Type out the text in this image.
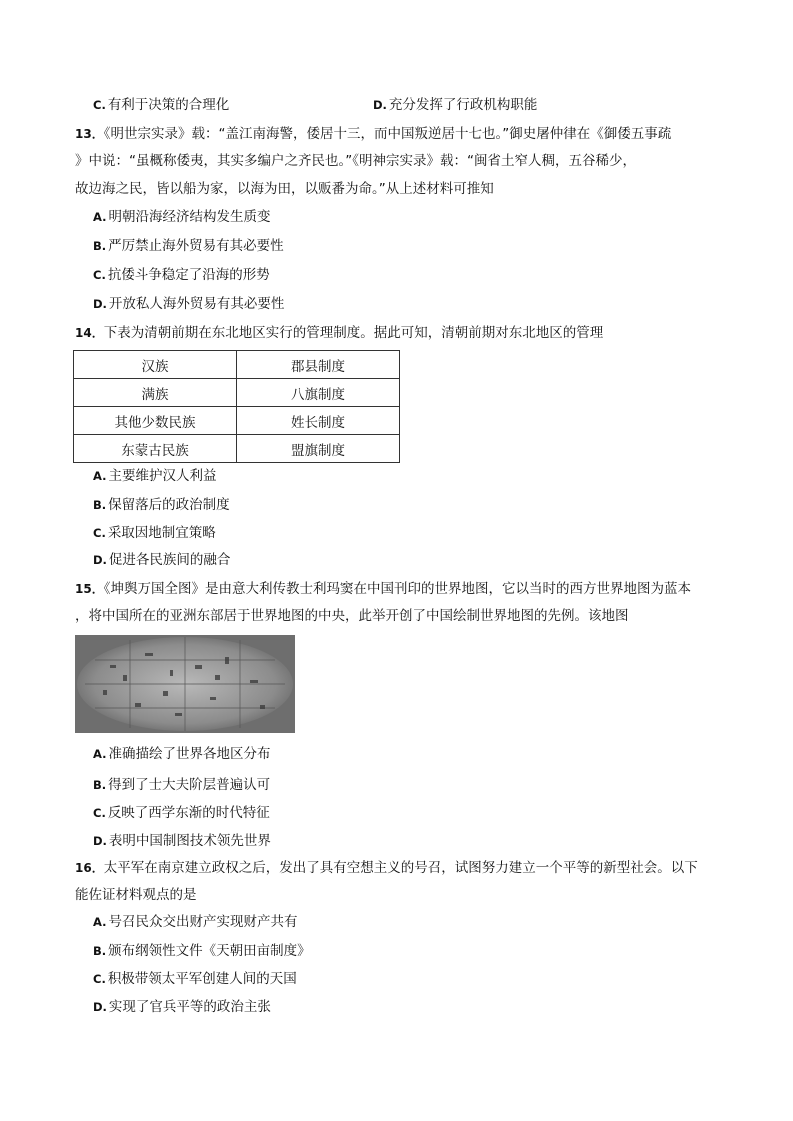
C. 有利于决策的合理化	D. 充分发挥了行政机构职能
13．《明世宗实录》载：“盖江南海警，倭居十三，而中国叛逆居十七也。”御史屠仲律在《御倭五事疏
》中说：“虽概称倭夷，其实多编户之齐民也。”《明神宗实录》载：“闽省土窄人稠，五谷稀少，
故边海之民，皆以船为家，以海为田，以贩番为命。”从上述材料可推知
A. 明朝沿海经济结构发生质变
B. 严厉禁止海外贸易有其必要性
C. 抗倭斗争稳定了沿海的形势
D. 开放私人海外贸易有其必要性
14．下表为清朝前期在东北地区实行的管理制度。据此可知，清朝前期对东北地区的管理
汉族	郡县制度
满族	八旗制度
其他少数民族	姓长制度
东蒙古民族	盟旗制度
A. 主要维护汉人利益
B. 保留落后的政治制度
C. 采取因地制宜策略
D. 促进各民族间的融合
15．《坤舆万国全图》是由意大利传教士利玛窦在中国刊印的世界地图，它以当时的西方世界地图为蓝本
，将中国所在的亚洲东部居于世界地图的中央，此举开创了中国绘制世界地图的先例。该地图
A. 准确描绘了世界各地区分布
B. 得到了士大夫阶层普遍认可
C. 反映了西学东渐的时代特征
D. 表明中国制图技术领先世界
16．太平军在南京建立政权之后，发出了具有空想主义的号召，试图努力建立一个平等的新型社会。以下
能佐证材料观点的是
A. 号召民众交出财产实现财产共有
B. 颁布纲领性文件《天朝田亩制度》
C. 积极带领太平军创建人间的天国
D. 实现了官兵平等的政治主张
